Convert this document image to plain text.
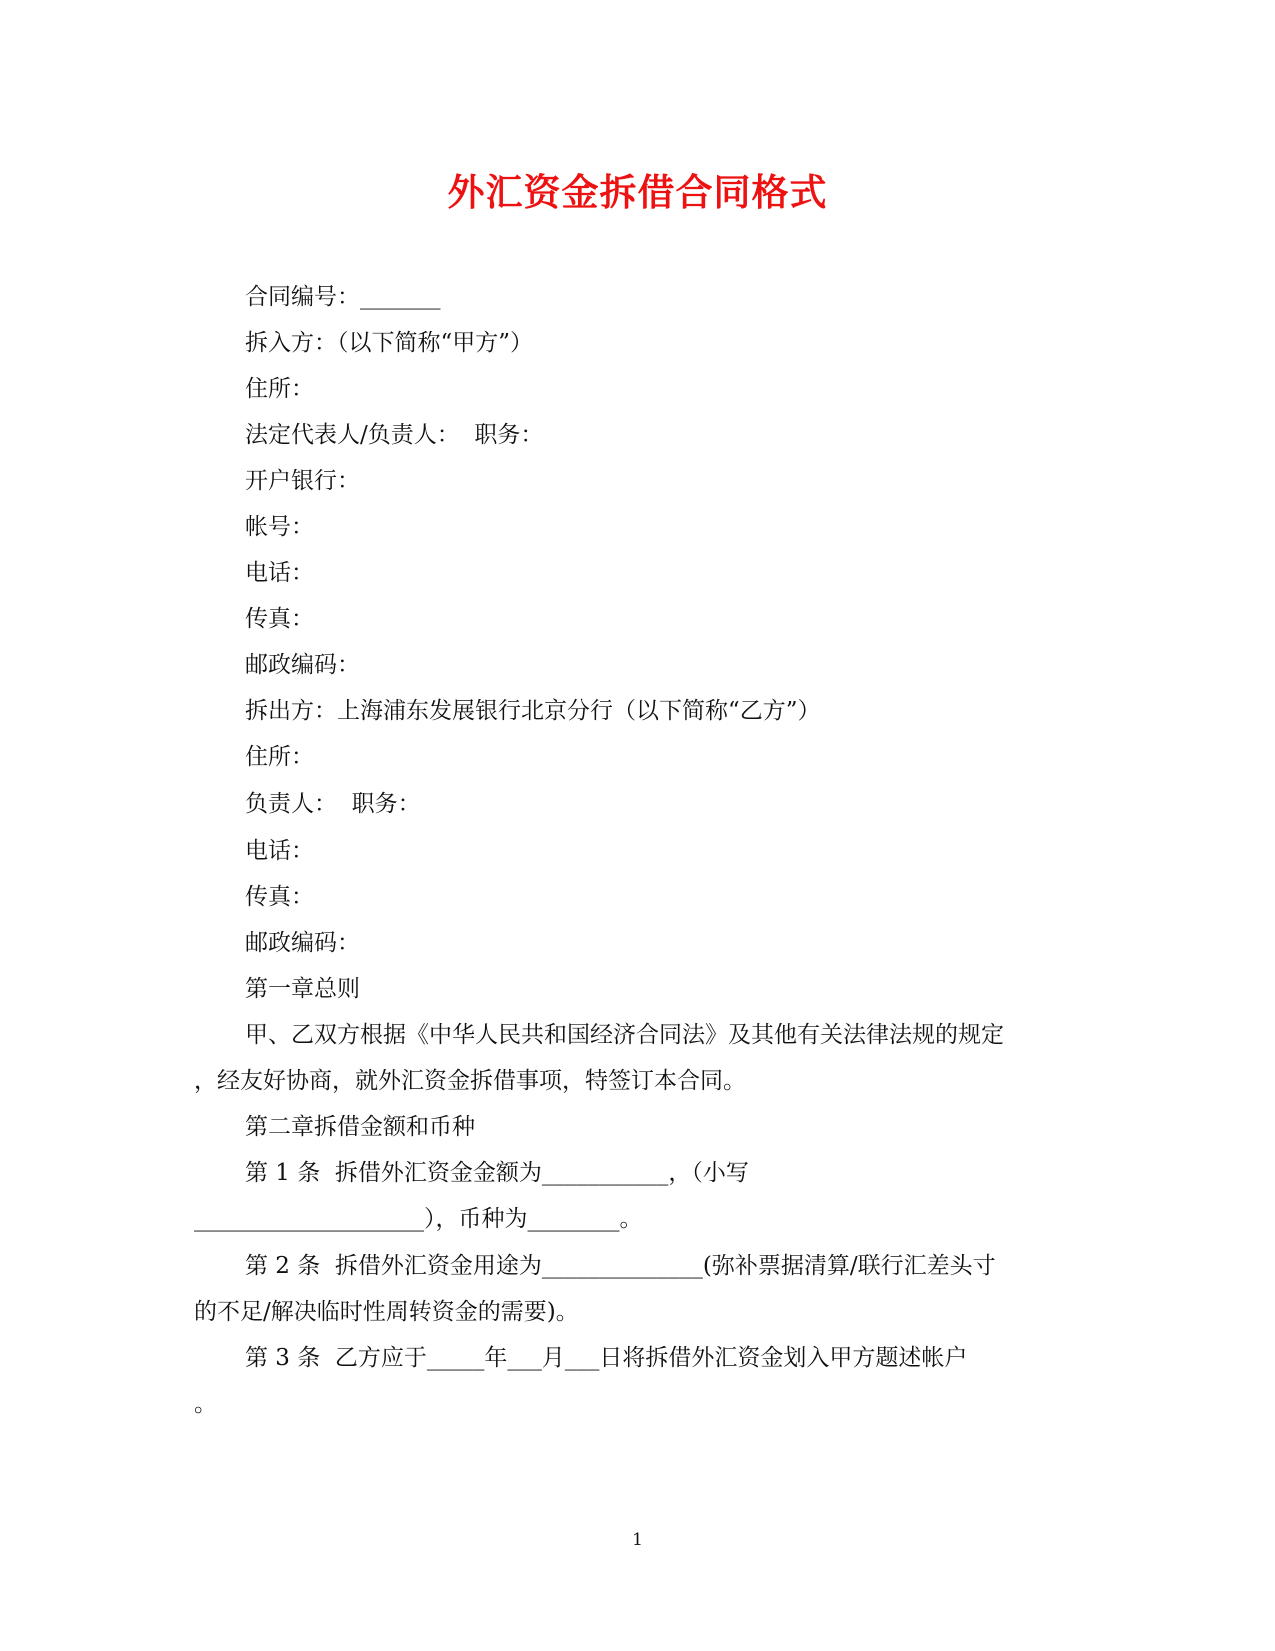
外汇资金拆借合同格式
合同编号：_______
拆入方：（以下简称“甲方”）
住所：
法定代表人/负责人：  职务：
开户银行：
帐号：
电话：
传真：
邮政编码：
拆出方：上海浦东发展银行北京分行（以下简称“乙方”）
住所：
负责人：  职务：
电话：
传真：
邮政编码：
第一章总则
甲、乙双方根据《中华人民共和国经济合同法》及其他有关法律法规的规定
，经友好协商，就外汇资金拆借事项，特签订本合同。
第二章拆借金额和币种
第 1 条  拆借外汇资金金额为___________，（小写
____________________），币种为________。
第 2 条  拆借外汇资金用途为______________(弥补票据清算/联行汇差头寸
的不足/解决临时性周转资金的需要)。
第 3 条  乙方应于_____年___月___日将拆借外汇资金划入甲方题述帐户
。
1
